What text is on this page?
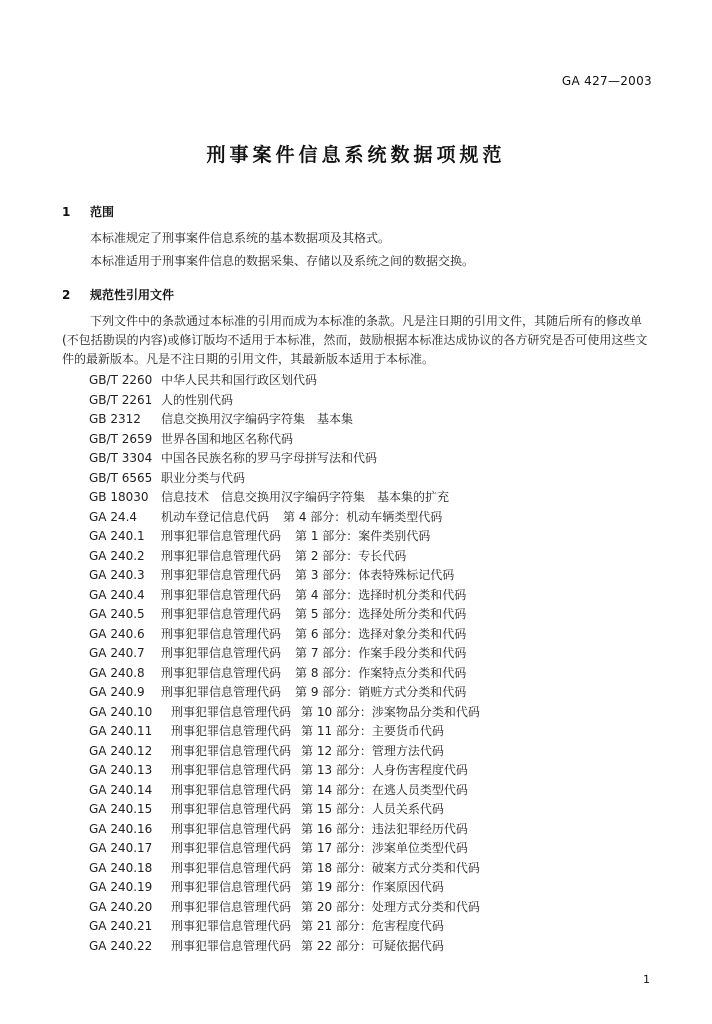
GA 427—2003
刑事案件信息系统数据项规范
1 范围
本标准规定了刑事案件信息系统的基本数据项及其格式。
本标准适用于刑事案件信息的数据采集、存储以及系统之间的数据交换。
2 规范性引用文件
下列文件中的条款通过本标准的引用而成为本标准的条款。凡是注日期的引用文件，其随后所有的修改单(不包括勘误的内容)或修订版均不适用于本标准，然而，鼓励根据本标准达成协议的各方研究是否可使用这些文件的最新版本。凡是不注日期的引用文件，其最新版本适用于本标准。
GB/T 2260 中华人民共和国行政区划代码
GB/T 2261 人的性别代码
GB 2312 信息交换用汉字编码字符集　基本集
GB/T 2659 世界各国和地区名称代码
GB/T 3304 中国各民族名称的罗马字母拼写法和代码
GB/T 6565 职业分类与代码
GB 18030 信息技术　信息交换用汉字编码字符集　基本集的扩充
GA 24.4 机动车登记信息代码 第 4 部分：机动车辆类型代码
GA 240.1 刑事犯罪信息管理代码 第 1 部分：案件类别代码
GA 240.2 刑事犯罪信息管理代码 第 2 部分：专长代码
GA 240.3 刑事犯罪信息管理代码 第 3 部分：体表特殊标记代码
GA 240.4 刑事犯罪信息管理代码 第 4 部分：选择时机分类和代码
GA 240.5 刑事犯罪信息管理代码 第 5 部分：选择处所分类和代码
GA 240.6 刑事犯罪信息管理代码 第 6 部分：选择对象分类和代码
GA 240.7 刑事犯罪信息管理代码 第 7 部分：作案手段分类和代码
GA 240.8 刑事犯罪信息管理代码 第 8 部分：作案特点分类和代码
GA 240.9 刑事犯罪信息管理代码 第 9 部分：销赃方式分类和代码
GA 240.10 刑事犯罪信息管理代码 第 10 部分：涉案物品分类和代码
GA 240.11 刑事犯罪信息管理代码 第 11 部分：主要货币代码
GA 240.12 刑事犯罪信息管理代码 第 12 部分：管理方法代码
GA 240.13 刑事犯罪信息管理代码 第 13 部分：人身伤害程度代码
GA 240.14 刑事犯罪信息管理代码 第 14 部分：在逃人员类型代码
GA 240.15 刑事犯罪信息管理代码 第 15 部分：人员关系代码
GA 240.16 刑事犯罪信息管理代码 第 16 部分：违法犯罪经历代码
GA 240.17 刑事犯罪信息管理代码 第 17 部分：涉案单位类型代码
GA 240.18 刑事犯罪信息管理代码 第 18 部分：破案方式分类和代码
GA 240.19 刑事犯罪信息管理代码 第 19 部分：作案原因代码
GA 240.20 刑事犯罪信息管理代码 第 20 部分：处理方式分类和代码
GA 240.21 刑事犯罪信息管理代码 第 21 部分：危害程度代码
GA 240.22 刑事犯罪信息管理代码 第 22 部分：可疑依据代码
1
